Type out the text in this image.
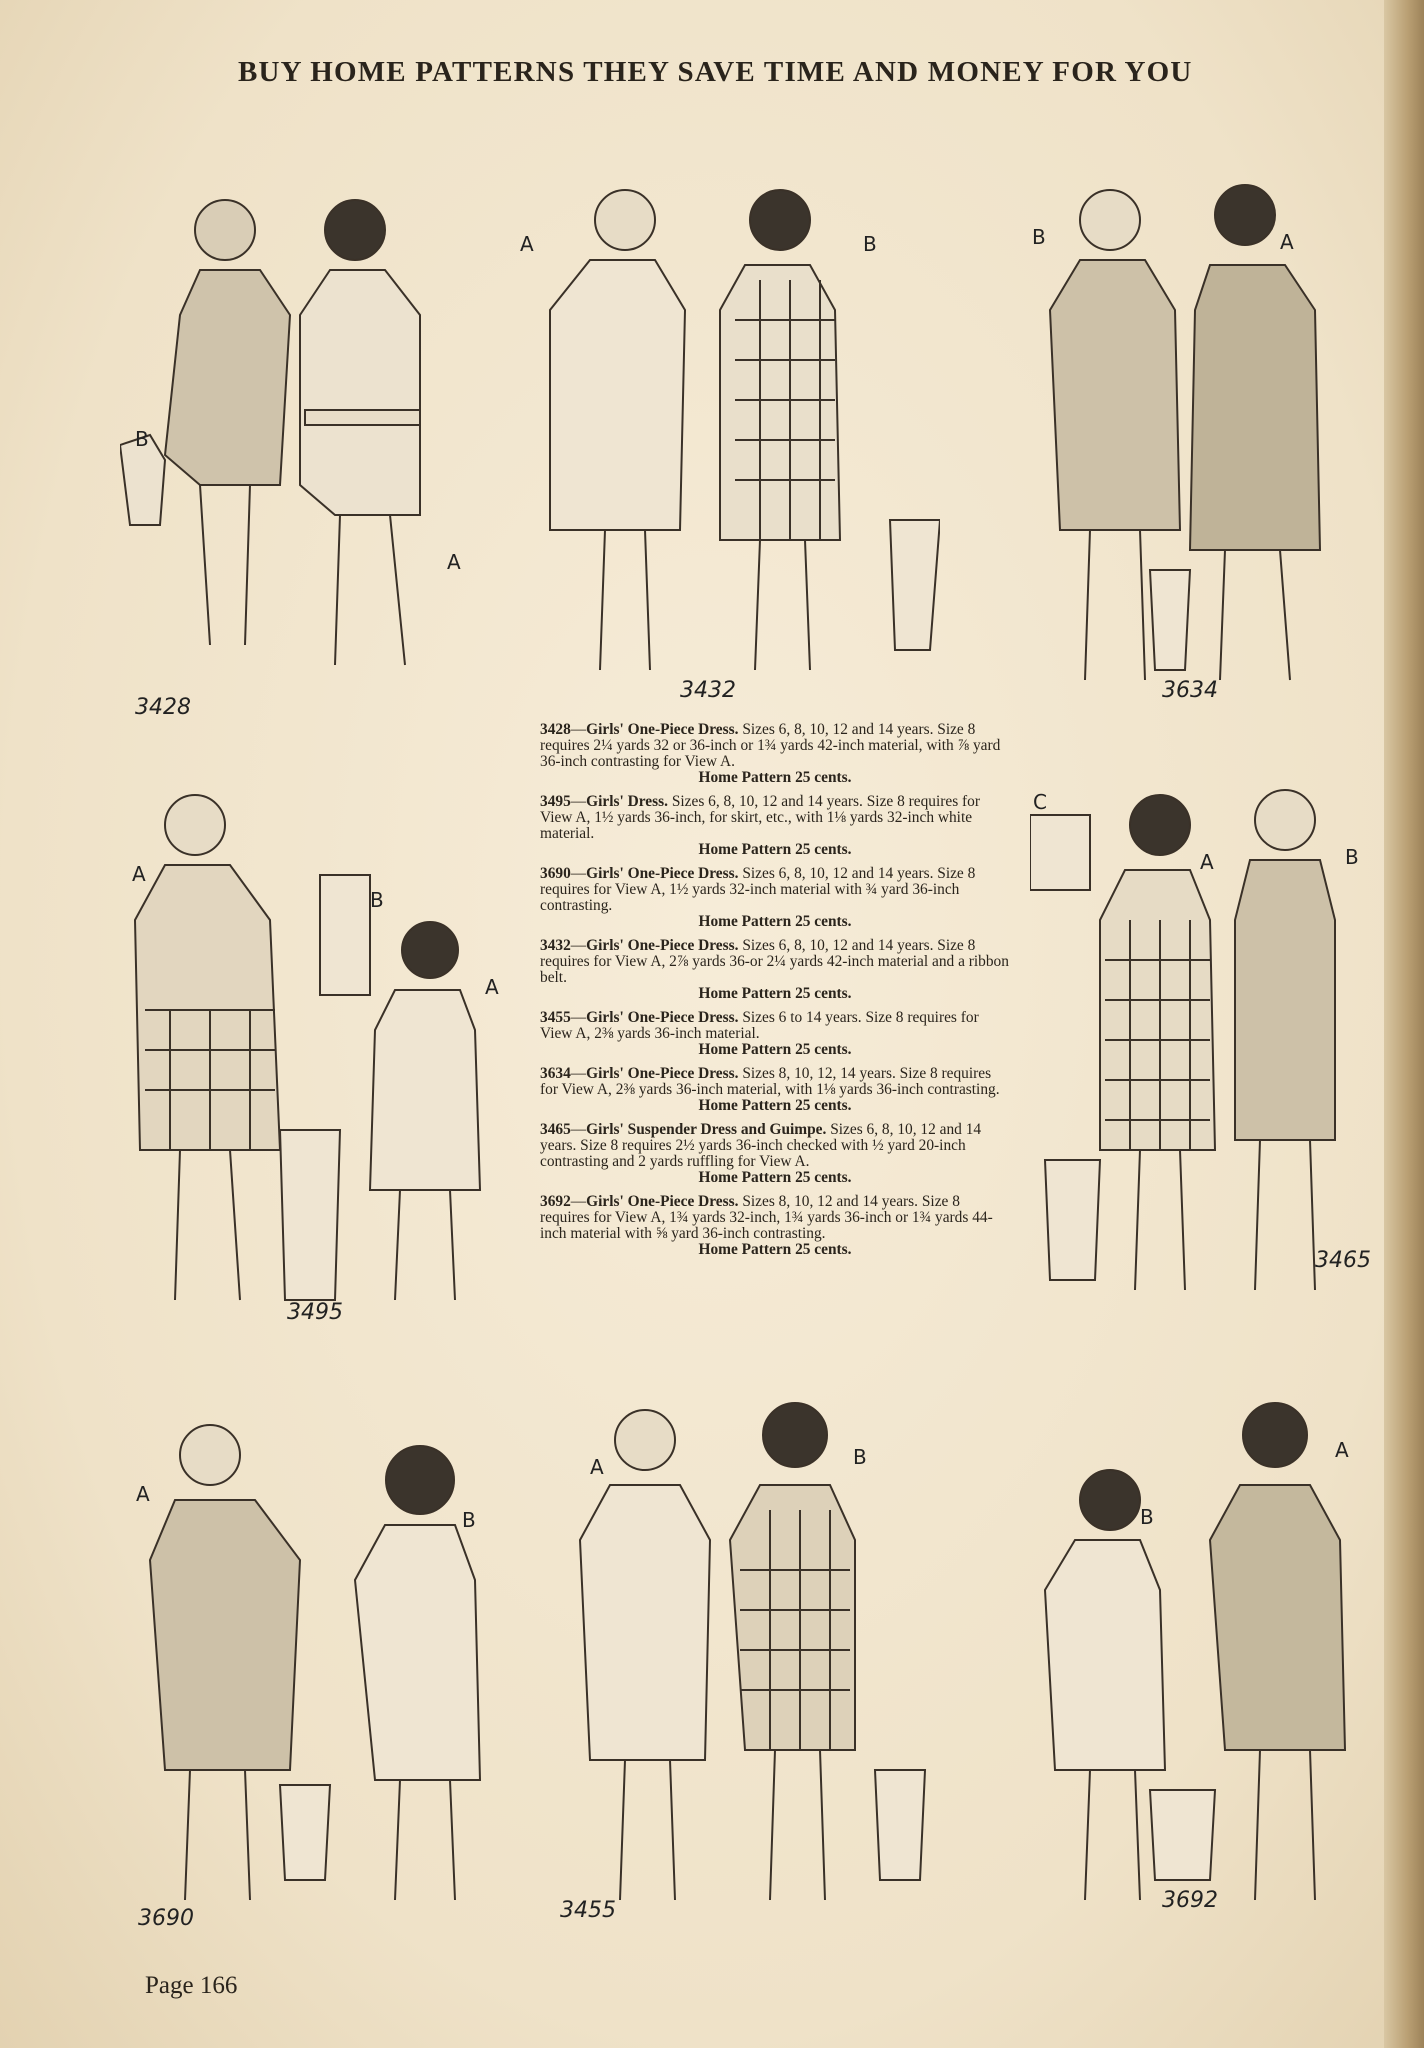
BUY HOME PATTERNS THEY SAVE TIME AND MONEY FOR YOU
B
A
3428
A	B
3432
B	A
3634
A
B
A
3495
C
A	B
3465
3428—Girls' One-Piece Dress. Sizes 6, 8, 10, 12 and 14 years. Size 8 requires 2¼ yards 32 or 36-inch or 1¾ yards 42-inch material, with ⅞ yard 36-inch contrasting for View A.
Home Pattern 25 cents.
3495—Girls' Dress. Sizes 6, 8, 10, 12 and 14 years. Size 8 requires for View A, 1½ yards 36-inch, for skirt, etc., with 1⅛ yards 32-inch white material.
Home Pattern 25 cents.
3690—Girls' One-Piece Dress. Sizes 6, 8, 10, 12 and 14 years. Size 8 requires for View A, 1½ yards 32-inch material with ¾ yard 36-inch contrasting.
Home Pattern 25 cents.
3432—Girls' One-Piece Dress. Sizes 6, 8, 10, 12 and 14 years. Size 8 requires for View A, 2⅞ yards 36-or 2¼ yards 42-inch material and a ribbon belt.
Home Pattern 25 cents.
3455—Girls' One-Piece Dress. Sizes 6 to 14 years. Size 8 requires for View A, 2⅜ yards 36-inch material.
Home Pattern 25 cents.
3634—Girls' One-Piece Dress. Sizes 8, 10, 12, 14 years. Size 8 requires for View A, 2⅜ yards 36-inch material, with 1⅛ yards 36-inch contrasting.
Home Pattern 25 cents.
3465—Girls' Suspender Dress and Guimpe. Sizes 6, 8, 10, 12 and 14 years. Size 8 requires 2½ yards 36-inch checked with ½ yard 20-inch contrasting and 2 yards ruffling for View A.
Home Pattern 25 cents.
3692—Girls' One-Piece Dress. Sizes 8, 10, 12 and 14 years. Size 8 requires for View A, 1¾ yards 32-inch, 1¾ yards 36-inch or 1¾ yards 44-inch material with ⅝ yard 36-inch contrasting.
Home Pattern 25 cents.
A
B
3690
A	B
3455
B
A
3692
Page 166
